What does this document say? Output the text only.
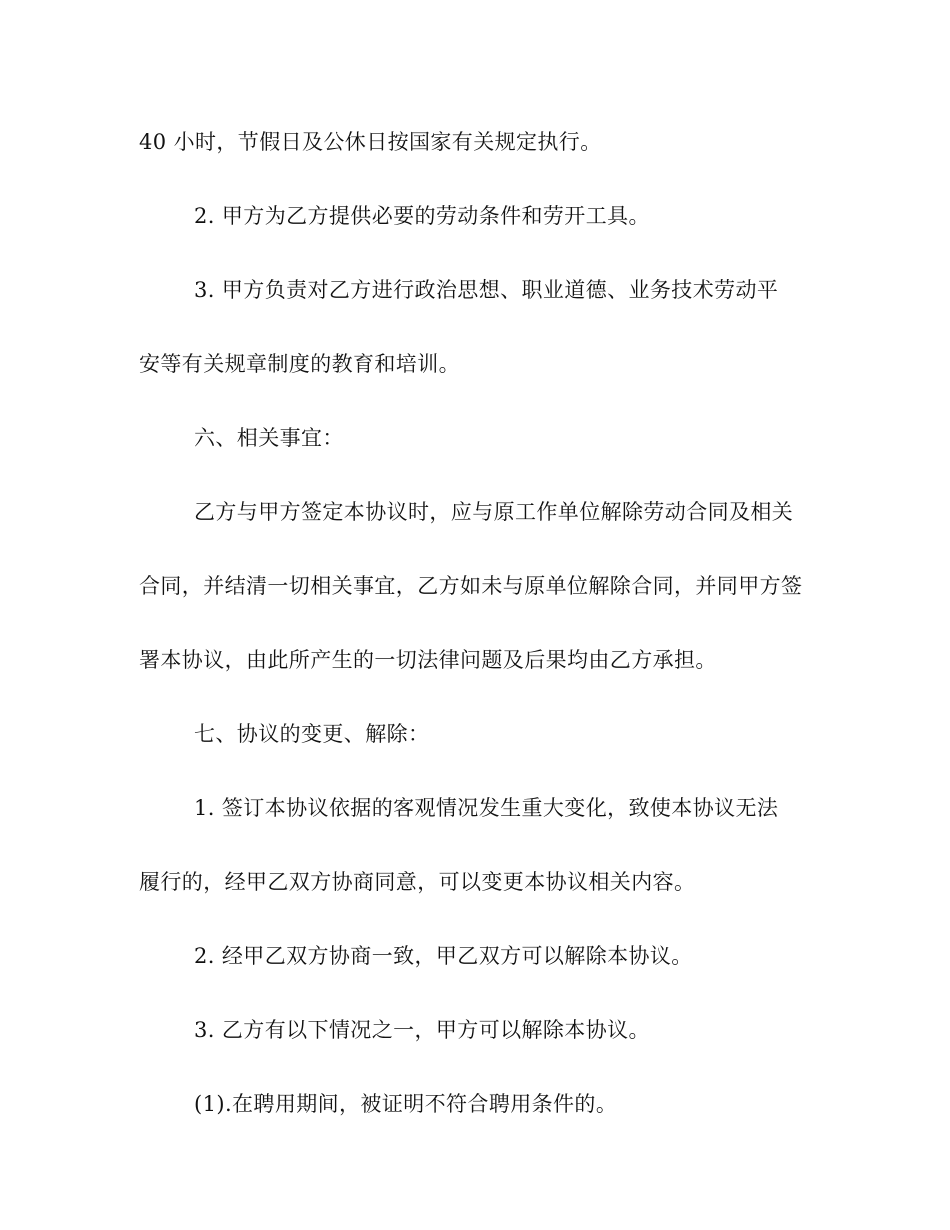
40 小时，节假日及公休日按国家有关规定执行。
2. 甲方为乙方提供必要的劳动条件和劳开工具。
3. 甲方负责对乙方进行政治思想、职业道德、业务技术劳动平
安等有关规章制度的教育和培训。
六、相关事宜：
乙方与甲方签定本协议时，应与原工作单位解除劳动合同及相关
合同，并结清一切相关事宜，乙方如未与原单位解除合同，并同甲方签
署本协议，由此所产生的一切法律问题及后果均由乙方承担。
七、协议的变更、解除：
1. 签订本协议依据的客观情况发生重大变化，致使本协议无法
履行的，经甲乙双方协商同意，可以变更本协议相关内容。
2. 经甲乙双方协商一致，甲乙双方可以解除本协议。
3. 乙方有以下情况之一，甲方可以解除本协议。
(1).在聘用期间，被证明不符合聘用条件的。
